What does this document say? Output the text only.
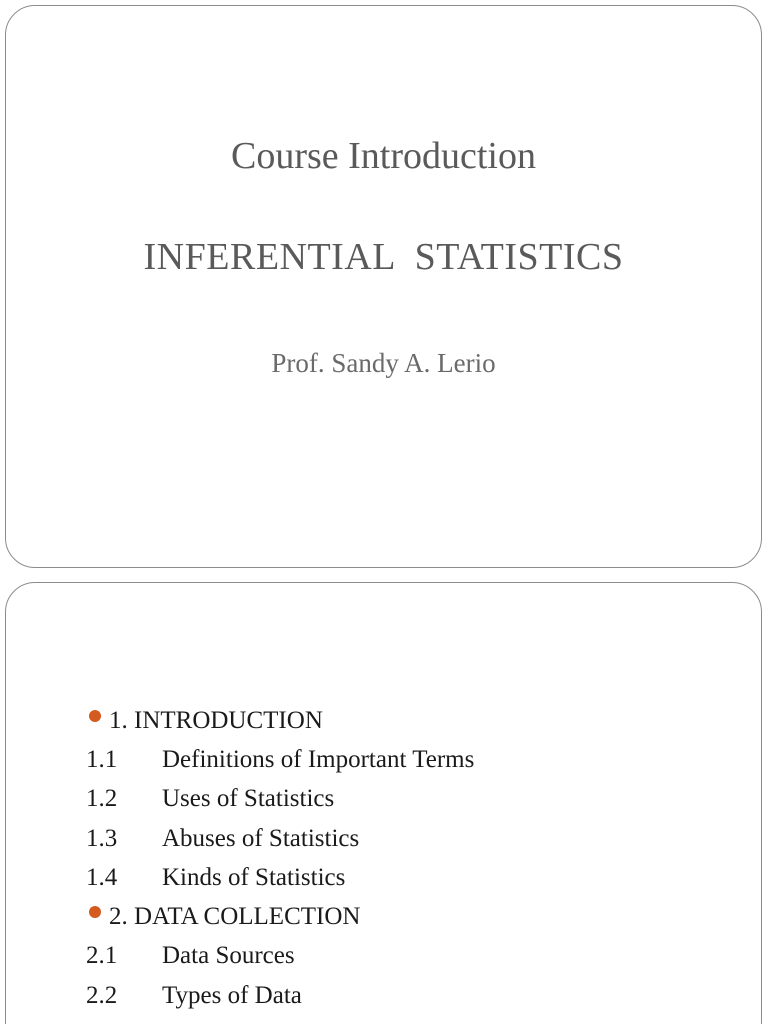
Course Introduction
INFERENTIAL  STATISTICS
Prof. Sandy A. Lerio
1. INTRODUCTION
1.1	Definitions of Important Terms
1.2	Uses of Statistics
1.3	Abuses of Statistics
1.4	Kinds of Statistics
2. DATA COLLECTION
2.1	Data Sources
2.2	Types of Data
